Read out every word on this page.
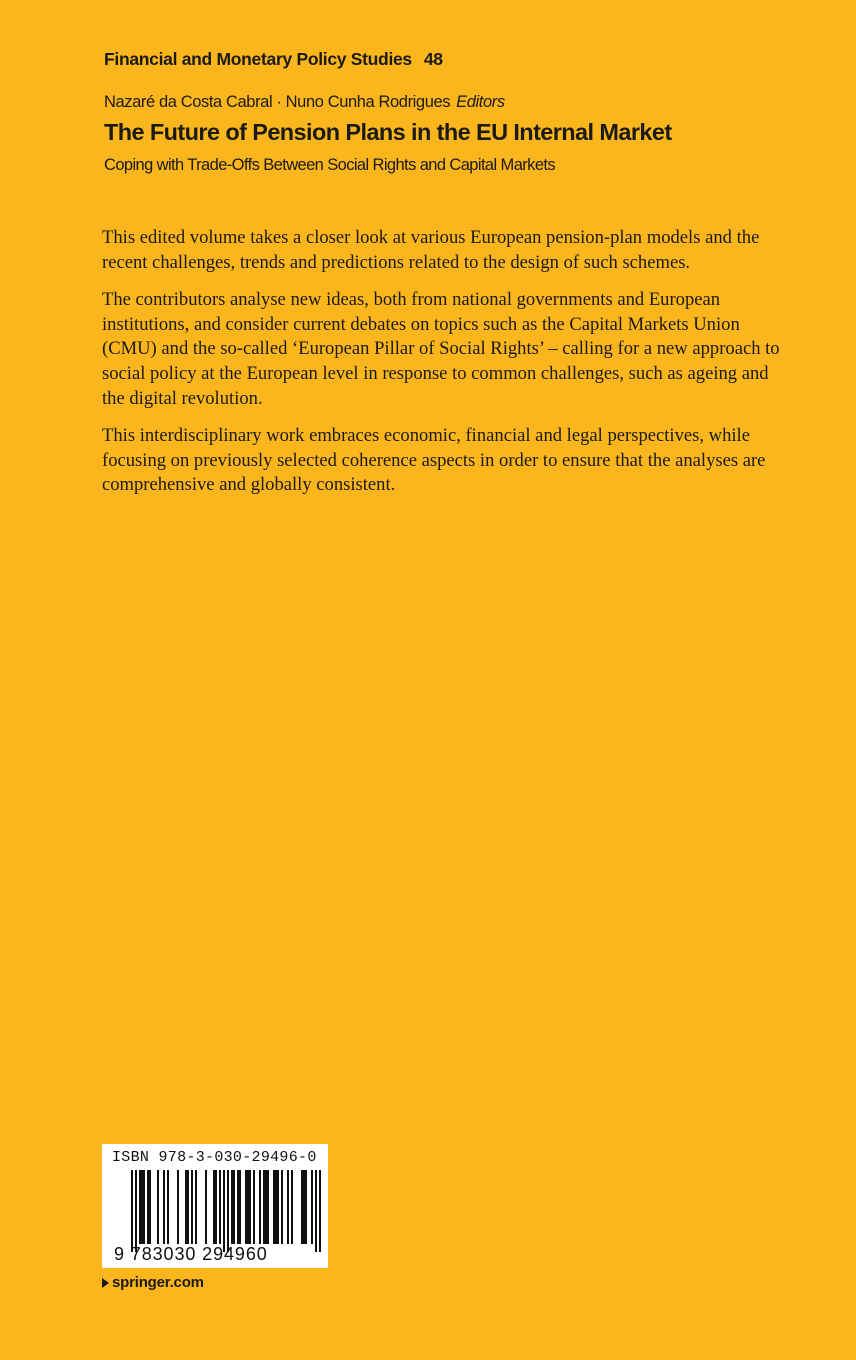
Financial and Monetary Policy Studies 48
Nazaré da Costa Cabral · Nuno Cunha Rodrigues Editors
The Future of Pension Plans in the EU Internal Market
Coping with Trade-Offs Between Social Rights and Capital Markets

This edited volume takes a closer look at various European pension-plan models and the recent challenges, trends and predictions related to the design of such schemes.

The contributors analyse new ideas, both from national governments and European institutions, and consider current debates on topics such as the Capital Markets Union (CMU) and the so-called ‘European Pillar of Social Rights’ – calling for a new approach to social policy at the European level in response to common challenges, such as ageing and the digital revolution.

This interdisciplinary work embraces economic, financial and legal perspectives, while focusing on previously selected coherence aspects in order to ensure that the analyses are comprehensive and globally consistent.

ISBN 978-3-030-29496-0
9 783030 294960
springer.com
